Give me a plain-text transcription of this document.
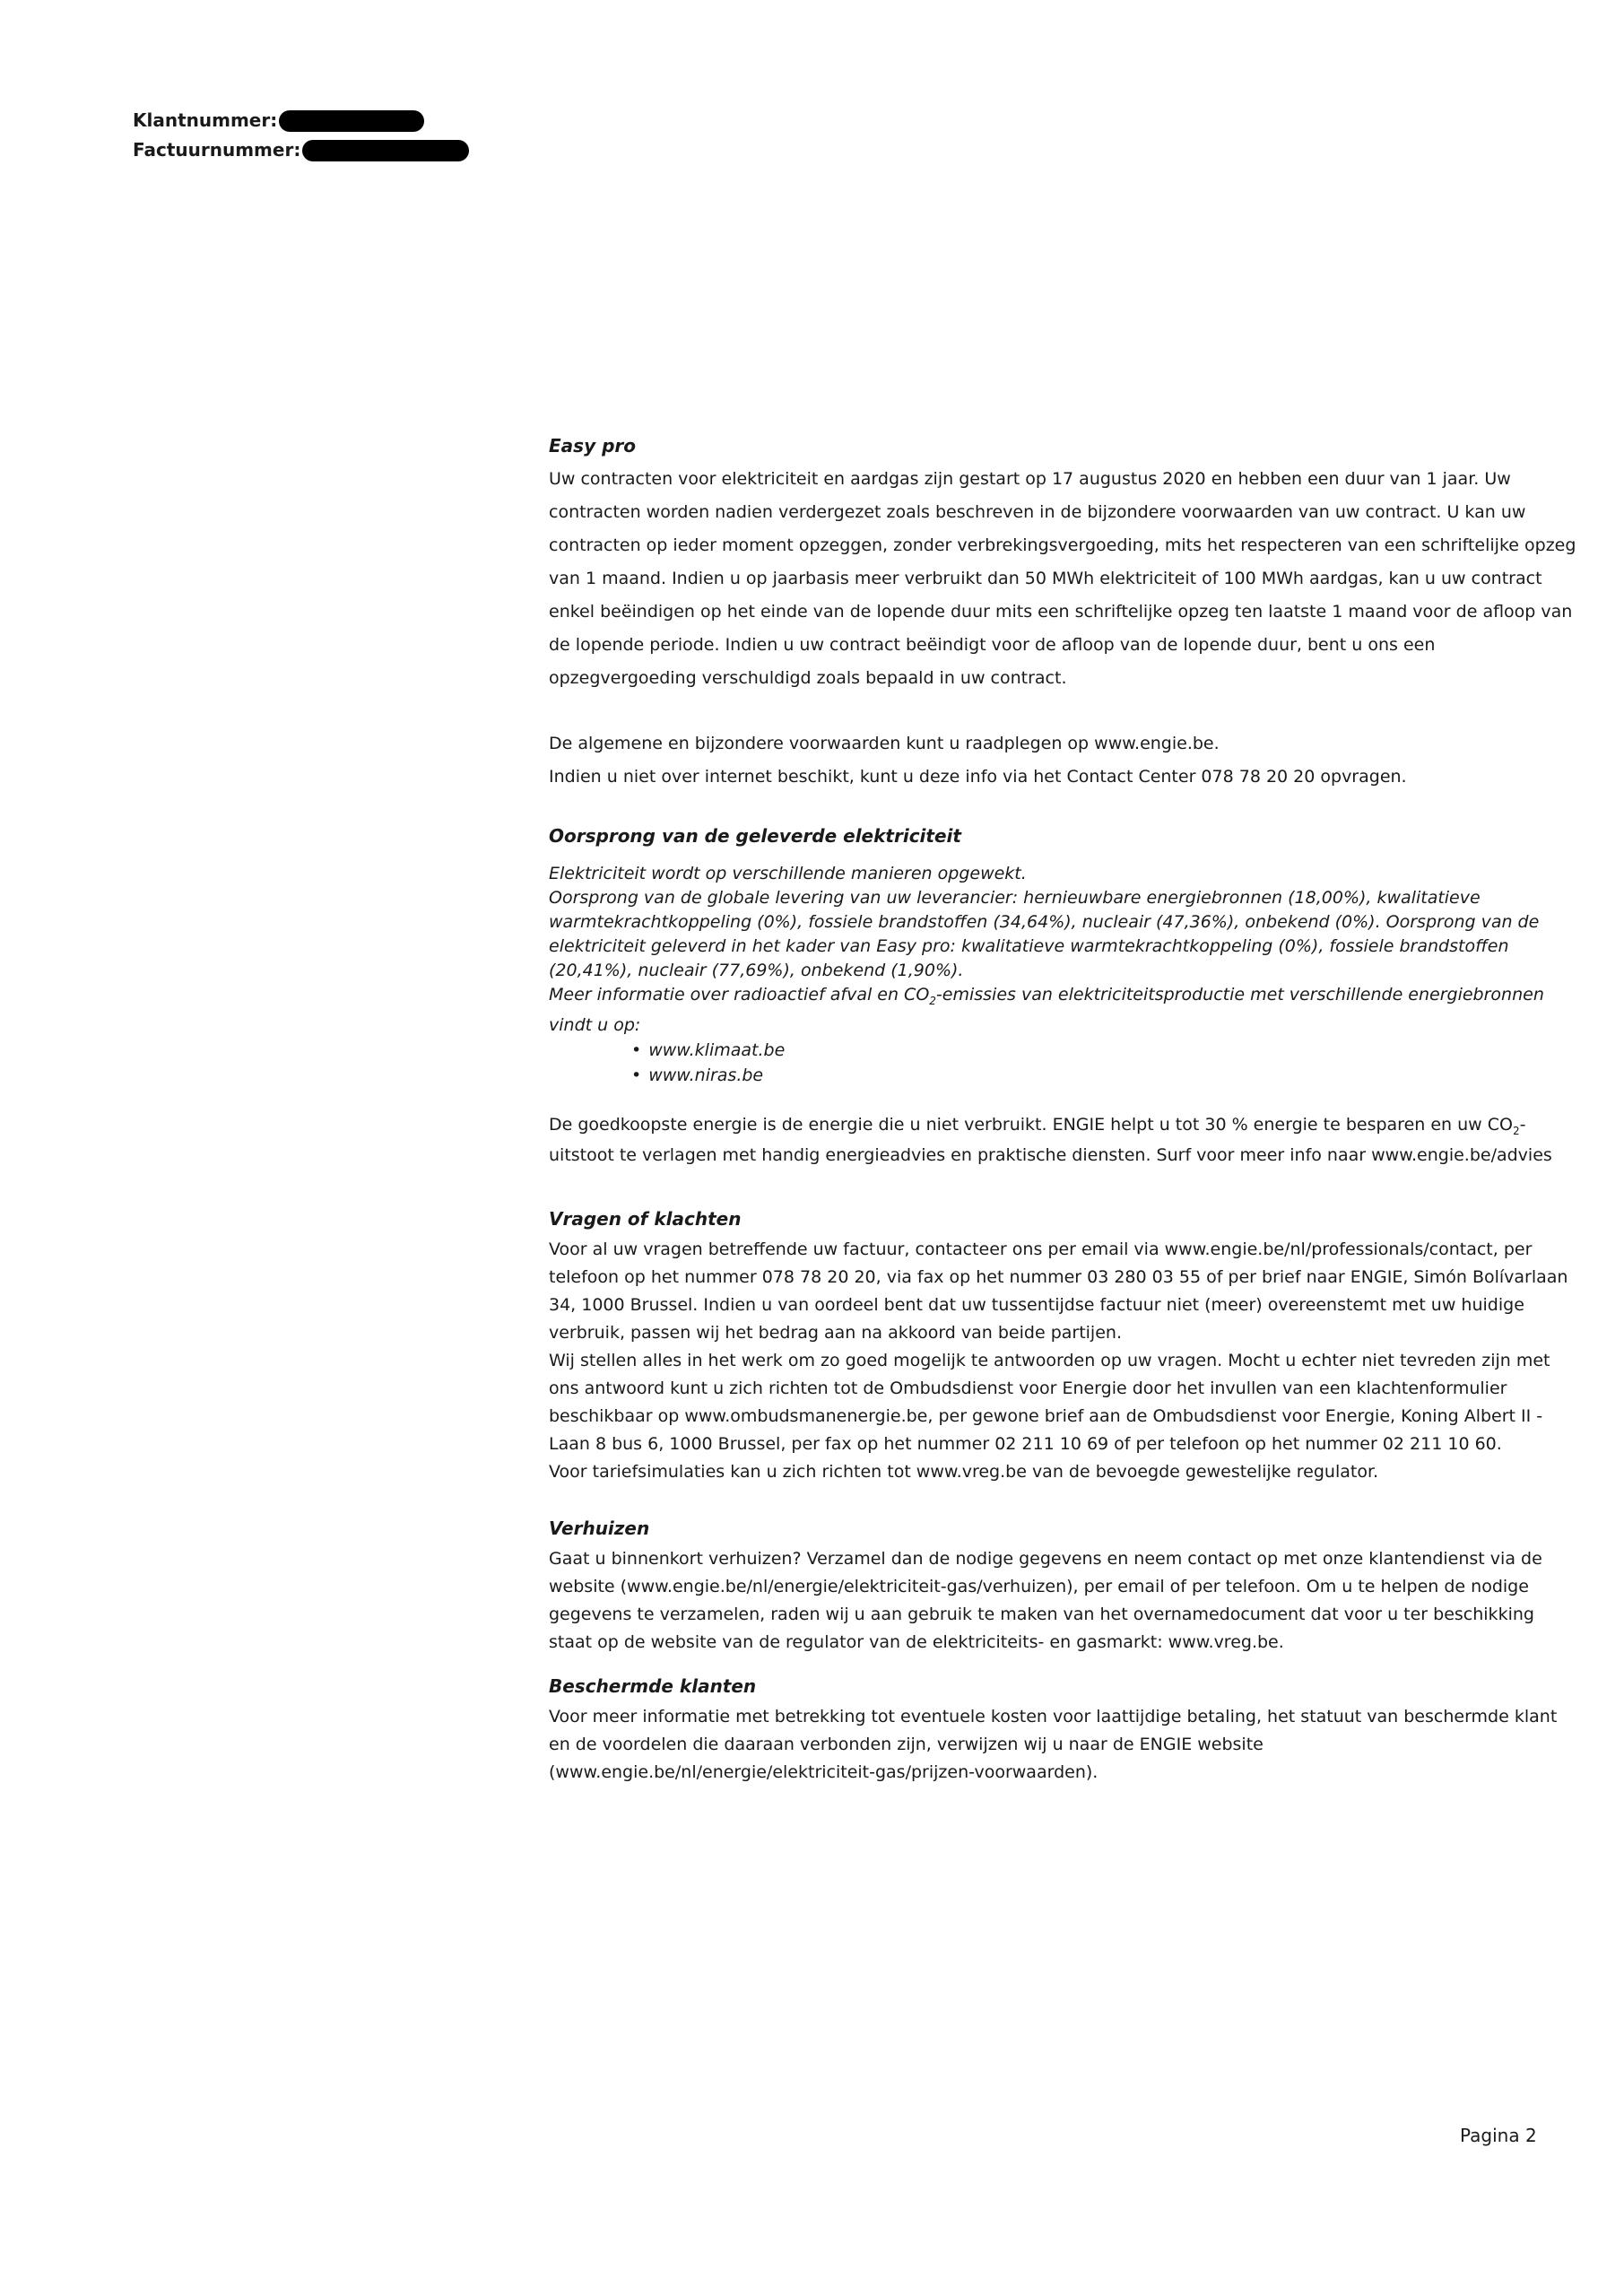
Klantnummer:
Factuurnummer:
Easy pro

Uw contracten voor elektriciteit en aardgas zijn gestart op 17 augustus 2020 en hebben een duur van 1 jaar. Uw contracten worden nadien verdergezet zoals beschreven in de bijzondere voorwaarden van uw contract. U kan uw contracten op ieder moment opzeggen, zonder verbrekingsvergoeding, mits het respecteren van een schriftelijke opzeg van 1 maand. Indien u op jaarbasis meer verbruikt dan 50 MWh elektriciteit of 100 MWh aardgas, kan u uw contract enkel beëindigen op het einde van de lopende duur mits een schriftelijke opzeg ten laatste 1 maand voor de afloop van de lopende periode. Indien u uw contract beëindigt voor de afloop van de lopende duur, bent u ons een opzegvergoeding verschuldigd zoals bepaald in uw contract.

De algemene en bijzondere voorwaarden kunt u raadplegen op www.engie.be.

Indien u niet over internet beschikt, kunt u deze info via het Contact Center 078 78 20 20 opvragen.

Oorsprong van de geleverde elektriciteit

Elektriciteit wordt op verschillende manieren opgewekt.

Oorsprong van de globale levering van uw leverancier: hernieuwbare energiebronnen (18,00%), kwalitatieve warmtekrachtkoppeling (0%), fossiele brandstoffen (34,64%), nucleair (47,36%), onbekend (0%). Oorsprong van de elektriciteit geleverd in het kader van Easy pro: kwalitatieve warmtekrachtkoppeling (0%), fossiele brandstoffen (20,41%), nucleair (77,69%), onbekend (1,90%).

Meer informatie over radioactief afval en $CO_2$-emissies van elektriciteitsproductie met verschillende energiebronnen vindt u op:

• www.klimaat.be
• www.niras.be

De goedkoopste energie is de energie die u niet verbruikt. ENGIE helpt u tot 30 % energie te besparen en uw $CO_2$-uitstoot te verlagen met handig energieadvies en praktische diensten. Surf voor meer info naar www.engie.be/advies

Vragen of klachten

Voor al uw vragen betreffende uw factuur, contacteer ons per email via www.engie.be/nl/professionals/contact, per telefoon op het nummer 078 78 20 20, via fax op het nummer 03 280 03 55 of per brief naar ENGIE, Simón Bolívarlaan 34, 1000 Brussel. Indien u van oordeel bent dat uw tussentijdse factuur niet (meer) overeenstemt met uw huidige verbruik, passen wij het bedrag aan na akkoord van beide partijen.

Wij stellen alles in het werk om zo goed mogelijk te antwoorden op uw vragen. Mocht u echter niet tevreden zijn met ons antwoord kunt u zich richten tot de Ombudsdienst voor Energie door het invullen van een klachtenformulier beschikbaar op www.ombudsmanenergie.be, per gewone brief aan de Ombudsdienst voor Energie, Koning Albert II -Laan 8 bus 6, 1000 Brussel, per fax op het nummer 02 211 10 69 of per telefoon op het nummer 02 211 10 60.

Voor tariefsimulaties kan u zich richten tot www.vreg.be van de bevoegde gewestelijke regulator.

Verhuizen

Gaat u binnenkort verhuizen? Verzamel dan de nodige gegevens en neem contact op met onze klantendienst via de website (www.engie.be/nl/energie/elektriciteit-gas/verhuizen), per email of per telefoon. Om u te helpen de nodige gegevens te verzamelen, raden wij u aan gebruik te maken van het overnamedocument dat voor u ter beschikking staat op de website van de regulator van de elektriciteits- en gasmarkt: www.vreg.be.

Beschermde klanten

Voor meer informatie met betrekking tot eventuele kosten voor laattijdige betaling, het statuut van beschermde klant en de voordelen die daaraan verbonden zijn, verwijzen wij u naar de ENGIE website (www.engie.be/nl/energie/elektriciteit-gas/prijzen-voorwaarden).

Pagina 2
